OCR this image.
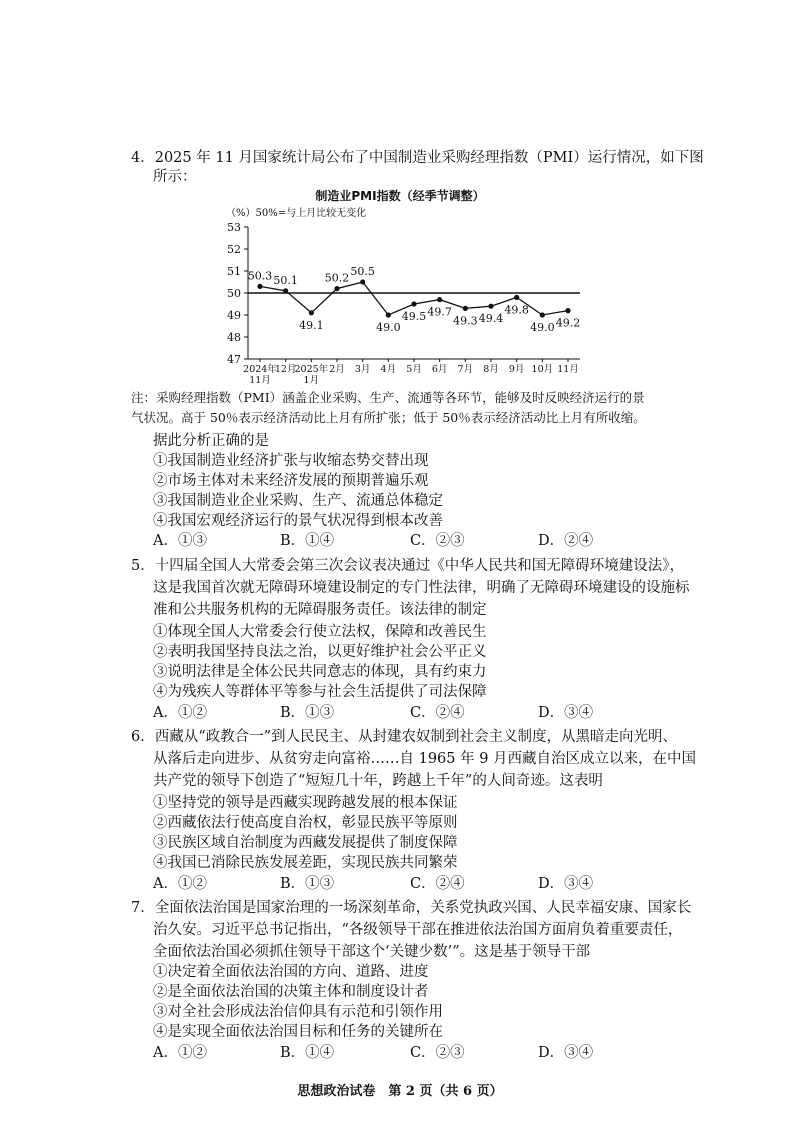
4．2025 年 11 月国家统计局公布了中国制造业采购经理指数（PMI）运行情况，如下图
所示：
制造业PMI指数（经季节调整）
（%）50%=与上月比较无变化
47
48
49
50
51
52
53
50.3
2024年
11月
50.1
12月
49.1
2025年
1月
50.2
2月
50.5
3月
49.0
4月
49.5
5月
49.7
6月
49.3
7月
49.4
8月
49.8
9月
49.0
10月
49.2
11月
注：采购经理指数（PMI）涵盖企业采购、生产、流通等各环节，能够及时反映经济运行的景
气状况。高于 50％表示经济活动比上月有所扩张；低于 50％表示经济活动比上月有所收缩。
据此分析正确的是
①我国制造业经济扩张与收缩态势交替出现
②市场主体对未来经济发展的预期普遍乐观
③我国制造业企业采购、生产、流通总体稳定
④我国宏观经济运行的景气状况得到根本改善
A．①③	B．①④	C．②③	D．②④
5．十四届全国人大常委会第三次会议表决通过《中华人民共和国无障碍环境建设法》，
这是我国首次就无障碍环境建设制定的专门性法律，明确了无障碍环境建设的设施标
准和公共服务机构的无障碍服务责任。该法律的制定
①体现全国人大常委会行使立法权，保障和改善民生
②表明我国坚持良法之治，以更好维护社会公平正义
③说明法律是全体公民共同意志的体现，具有约束力
④为残疾人等群体平等参与社会生活提供了司法保障
A．①②	B．①③	C．②④	D．③④
6．西藏从“政教合一”到人民民主、从封建农奴制到社会主义制度，从黑暗走向光明、
从落后走向进步、从贫穷走向富裕……自 1965 年 9 月西藏自治区成立以来，在中国
共产党的领导下创造了“短短几十年，跨越上千年”的人间奇迹。这表明
①坚持党的领导是西藏实现跨越发展的根本保证
②西藏依法行使高度自治权，彰显民族平等原则
③民族区域自治制度为西藏发展提供了制度保障
④我国已消除民族发展差距，实现民族共同繁荣
A．①②	B．①③	C．②④	D．③④
7．全面依法治国是国家治理的一场深刻革命，关系党执政兴国、人民幸福安康、国家长
治久安。习近平总书记指出，“各级领导干部在推进依法治国方面肩负着重要责任，
全面依法治国必须抓住领导干部这个‘关键少数’”。这是基于领导干部
①决定着全面依法治国的方向、道路、进度
②是全面依法治国的决策主体和制度设计者
③对全社会形成法治信仰具有示范和引领作用
④是实现全面依法治国目标和任务的关键所在
A．①②	B．①④	C．②③	D．③④
思想政治试卷　第 2 页（共 6 页）
